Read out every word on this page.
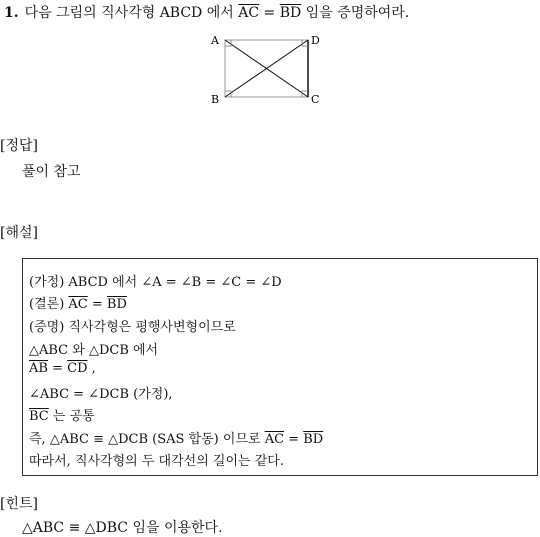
1. 다음 그림의 직사각형 ABCD 에서 $\overline{AC} = \overline{BD}$ 임을 증명하여라.
A
B	C
D
[정답]
풀이 참고
[해설]
(가정) ABCD 에서 ∠A = ∠B = ∠C = ∠D
(결론) $\overline{AC} = \overline{BD}$
(증명) 직사각형은 평행사변형이므로
△ABC 와 △DCB 에서
$\overline{AB} = \overline{CD}$ ,
∠ABC = ∠DCB (가정),
$\overline{BC}$ 는 공통
즉, △ABC ≡ △DCB (SAS 합동) 이므로 $\overline{AC} = \overline{BD}$
따라서, 직사각형의 두 대각선의 길이는 같다.
[힌트]
△ABC ≡ △DBC 임을 이용한다.
